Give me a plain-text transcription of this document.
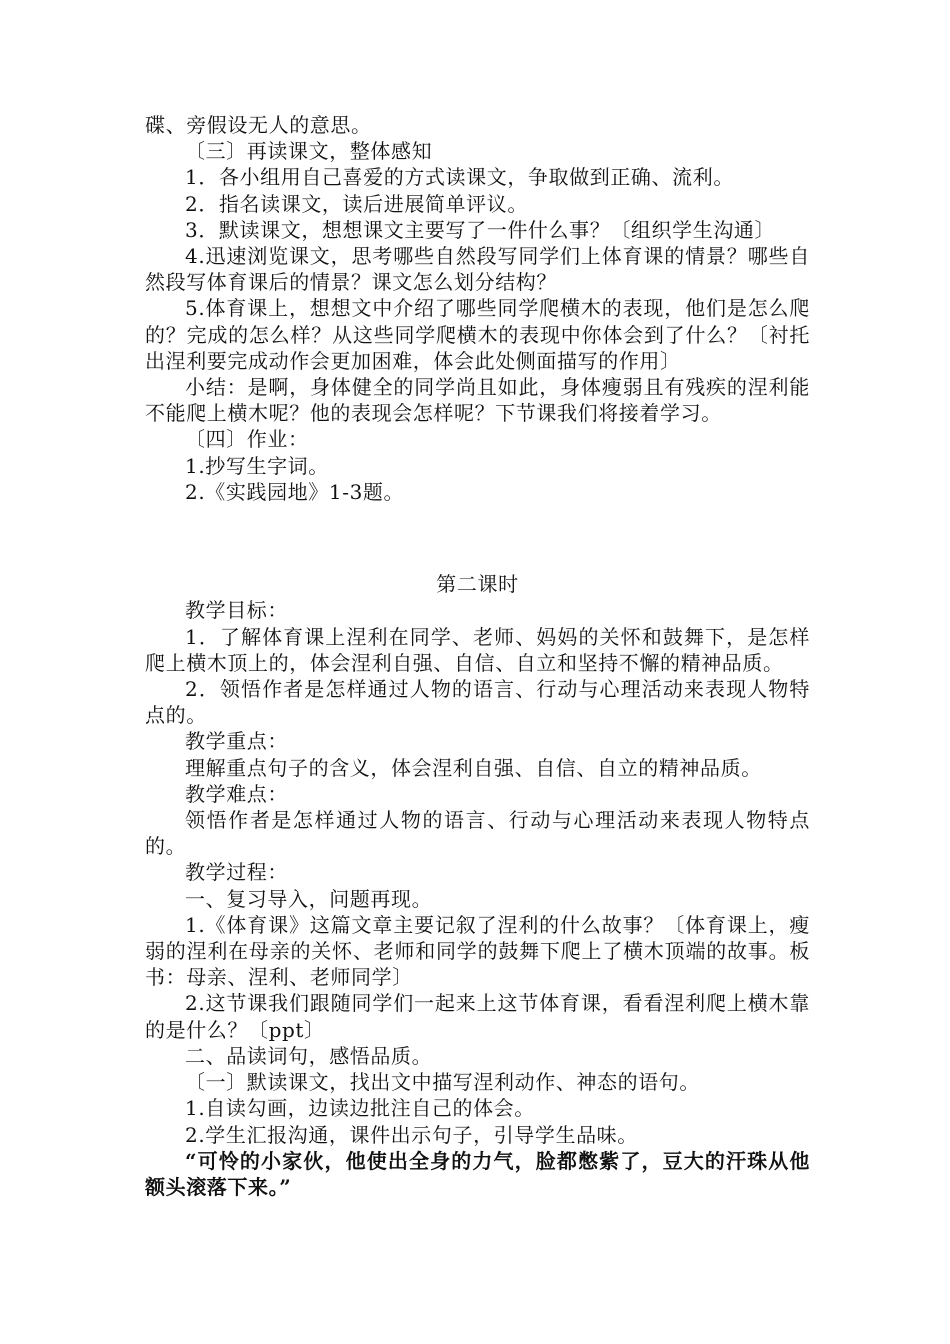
碟、旁假设无人的意思。

〔三〕再读课文，整体感知

1．各小组用自己喜爱的方式读课文，争取做到正确、流利。

2．指名读课文，读后进展简单评议。

3．默读课文，想想课文主要写了一件什么事？〔组织学生沟通〕

4.迅速浏览课文，思考哪些自然段写同学们上体育课的情景？哪些自然段写体育课后的情景？课文怎么划分结构？

5.体育课上，想想文中介绍了哪些同学爬横木的表现，他们是怎么爬的？完成的怎么样？从这些同学爬横木的表现中你体会到了什么？〔衬托出涅利要完成动作会更加困难，体会此处侧面描写的作用〕

小结：是啊，身体健全的同学尚且如此，身体瘦弱且有残疾的涅利能不能爬上横木呢？他的表现会怎样呢？下节课我们将接着学习。

〔四〕作业：

1.抄写生字词。

2.《实践园地》1-3题。

第二课时

教学目标：

1．了解体育课上涅利在同学、老师、妈妈的关怀和鼓舞下，是怎样爬上横木顶上的，体会涅利自强、自信、自立和坚持不懈的精神品质。

2．领悟作者是怎样通过人物的语言、行动与心理活动来表现人物特点的。

教学重点：

理解重点句子的含义，体会涅利自强、自信、自立的精神品质。

教学难点：

领悟作者是怎样通过人物的语言、行动与心理活动来表现人物特点的。

教学过程：

一、复习导入，问题再现。

1.《体育课》这篇文章主要记叙了涅利的什么故事？〔体育课上，瘦弱的涅利在母亲的关怀、老师和同学的鼓舞下爬上了横木顶端的故事。板书：母亲、涅利、老师同学〕

2.这节课我们跟随同学们一起来上这节体育课，看看涅利爬上横木靠的是什么？〔ppt〕

二、品读词句，感悟品质。

〔一〕默读课文，找出文中描写涅利动作、神态的语句。

1.自读勾画，边读边批注自己的体会。

2.学生汇报沟通，课件出示句子，引导学生品味。

“可怜的小家伙，他使出全身的力气，脸都憋紫了，豆大的汗珠从他额头滚落下来。”
